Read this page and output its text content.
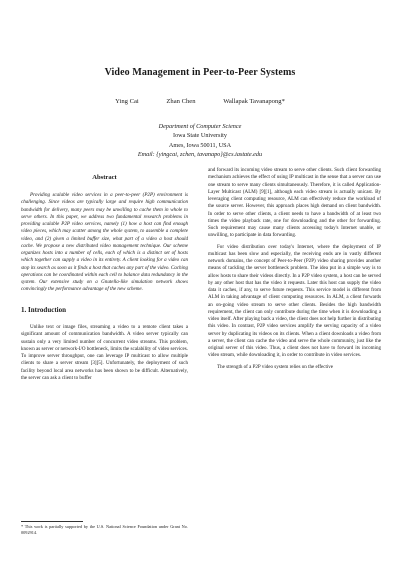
Video Management in Peer-to-Peer Systems
Ying Cai	Zhan Chen	Wallapak Tavanapong*
Department of Computer Science
Iowa State University
Ames, Iowa 50011, USA
Email: {yingcai, zchen, tavanapo}@cs.iastate.edu
Abstract

Providing scalable video services in a peer-to-peer (P2P) environment is challenging. Since videos are typically large and require high communication bandwidth for delivery, many peers may be unwilling to cache them in whole to serve others. In this paper, we address two fundamental research problems in providing scalable P2P video services, namely (1) how a host can find enough video pieces, which may scatter among the whole system, to assemble a complete video, and (2) given a limited buffer size, what part of a video a host should cache. We propose a new distributed video management technique. Our scheme organizes hosts into a number of cells, each of which is a distinct set of hosts which together can supply a video in its entirety. A client looking for a video can stop its search as soon as it finds a host that caches any part of the video. Caching operations can be coordinated within each cell to balance data redundancy in the system. Our extensive study on a Gnutella-like simulation network shows convincingly the performance advantage of the new scheme.

1. Introduction

Unlike text or image files, streaming a video to a remote client takes a significant amount of communication bandwidth. A video server typically can sustain only a very limited number of concurrent video streams. This problem, known as server or network-I/O bottleneck, limits the scalability of video services. To improve server throughput, one can leverage IP multicast to allow multiple clients to share a server stream [3][5]. Unfortunately, the deployment of such facility beyond local area networks has been shown to be difficult. Alternatively, the server can ask a client to buffer

* This work is partially supported by the U.S. National Science Foundation under Grant No. 0092914.

and forward its incoming video stream to serve other clients. Such client forwarding mechanism achieves the effect of using IP multicast in the sense that a server can use one stream to serve many clients simultaneously. Therefore, it is called Application-Layer Multicast (ALM) [9][1], although each video stream is actually unicast. By leveraging client computing resource, ALM can effectively reduce the workload of the source server. However, this approach places high demand on client bandwidth. In order to serve other clients, a client needs to have a bandwidth of at least two times the video playback rate, one for downloading and the other for forwarding. Such requirement may cause many clients accessing today's Internet unable, or unwilling, to participate in data forwarding.

For video distribution over today's Internet, where the deployment of IP multicast has been slow and especially, the receiving ends are in vastly different network domains, the concept of Peer-to-Peer (P2P) video sharing provides another means of tackling the server bottleneck problem. The idea put in a simple way is to allow hosts to share their videos directly. In a P2P video system, a host can be served by any other host that has the video it requests. Later this host can supply the video data it caches, if any, to serve future requests. This service model is different from ALM in taking advantage of client computing resources. In ALM, a client forwards an on-going video stream to serve other clients. Besides the high bandwidth requirement, the client can only contribute during the time when it is downloading a video itself. After playing back a video, the client does not help further in distributing this video. In contrast, P2P video services amplify the serving capacity of a video server by duplicating its videos on its clients. When a client downloads a video from a server, the client can cache the video and serve the whole community, just like the original server of this video. Thus, a client does not have to forward its incoming video stream, while downloading it, in order to contribute in video services.

The strength of a P2P video system relies on the effective
